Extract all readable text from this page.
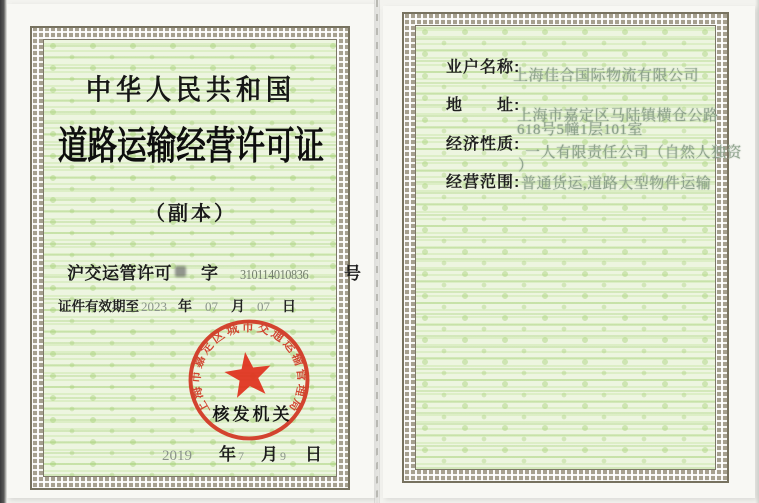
中华人民共和国
道路运输经营许可证
（副本）
沪交运管许可 字 310114010836 号
证件有效期至 2023 年 07 月 07 日
上海市嘉定区城市交通运输管理局
核发机关
2019 年 7 月 9 日
业户名称:
上海佳合国际物流有限公司
地　　址:
上海市嘉定区马陆镇横仓公路
618号5幢1层101室
经济性质: 一人有限责任公司（自然人独资
）
经营范围: 普通货运,道路大型物件运输
